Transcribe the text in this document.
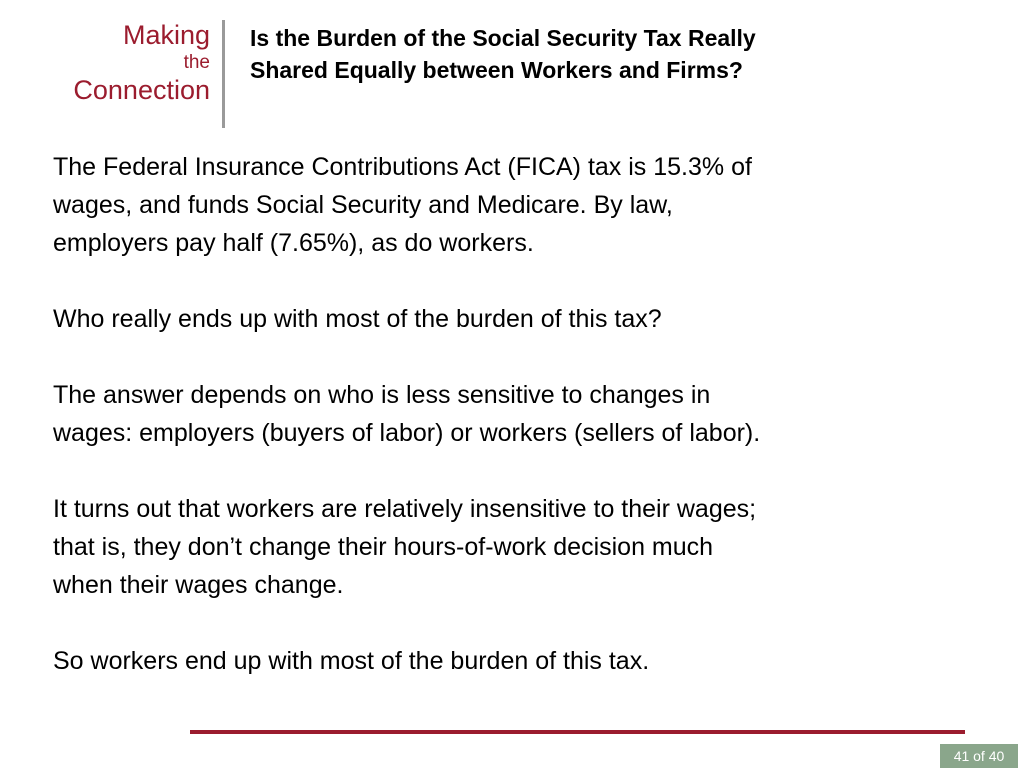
Making
the
Connection
Is the Burden of the Social Security Tax Really
Shared Equally between Workers and Firms?

The Federal Insurance Contributions Act (FICA) tax is 15.3% of
wages, and funds Social Security and Medicare. By law,
employers pay half (7.65%), as do workers.

Who really ends up with most of the burden of this tax?

The answer depends on who is less sensitive to changes in
wages: employers (buyers of labor) or workers (sellers of labor).

It turns out that workers are relatively insensitive to their wages;
that is, they don’t change their hours-of-work decision much
when their wages change.

So workers end up with most of the burden of this tax.

41 of 40
